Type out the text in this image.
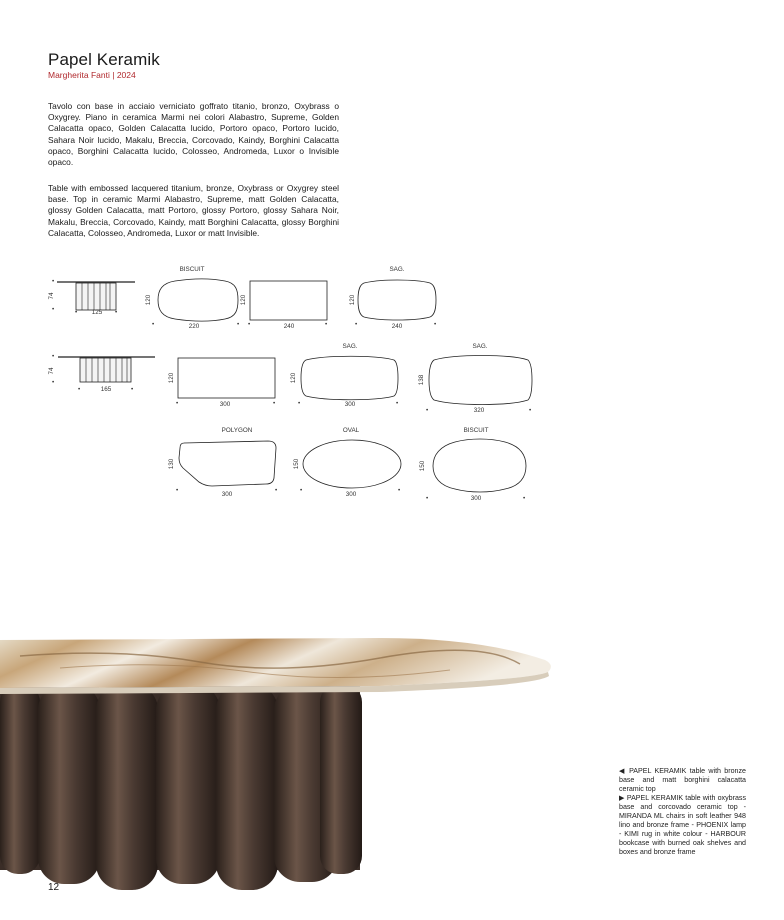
Papel Keramik

Margherita Fanti | 2024

Tavolo con base in acciaio verniciato goffrato titanio, bronzo, Oxybrass o Oxygrey. Piano in ceramica Marmi nei colori Alabastro, Supreme, Golden Calacatta opaco, Golden Calacatta lucido, Portoro opaco, Portoro lucido, Sahara Noir lucido, Makalu, Breccia, Corcovado, Kaindy, Borghini Calacatta opaco, Borghini Calacatta lucido, Colosseo, Andromeda, Luxor o Invisible opaco.

Table with embossed lacquered titanium, bronze, Oxybrass or Oxygrey steel base. Top in ceramic Marmi Alabastro, Supreme, matt Golden Calacatta, glossy Golden Calacatta, matt Portoro, glossy Portoro, glossy Sahara Noir, Makalu, Breccia, Corcovado, Kaindy, matt Borghini Calacatta, glossy Borghini Calacatta, Colosseo, Andromeda, Luxor or matt Invisible.

74
•
•	•	•
125
BISCUIT
120
•	•
220
120
•	•
240
SAG.
120
•	•
240
74
•
•
•	•
165
120
•	•
300
SAG.
120
•	•
300
SAG.
138
•	•
320
POLYGON
130
•	•
300
OVAL
150
•	•
300
BISCUIT
150
•	•
300

◀ PAPEL KERAMIK table with bronze base and matt borghini calacatta ceramic top
▶ PAPEL KERAMIK table with oxybrass base and corcovado ceramic top - MIRANDA ML chairs in soft leather 948 lino and bronze frame - PHOENIX lamp - KIMI rug in white colour - HARBOUR bookcase with burned oak shelves and boxes and bronze frame

12
